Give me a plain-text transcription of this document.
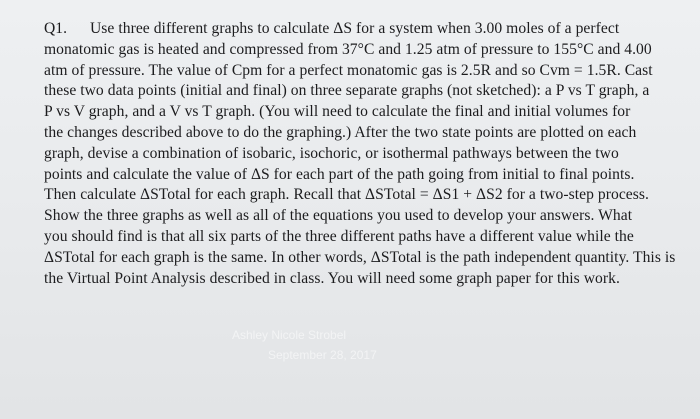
Q1. Use three different graphs to calculate ΔS for a system when 3.00 moles of a perfect
monatomic gas is heated and compressed from 37°C and 1.25 atm of pressure to 155°C and 4.00
atm of pressure. The value of Cpm for a perfect monatomic gas is 2.5R and so Cvm = 1.5R. Cast
these two data points (initial and final) on three separate graphs (not sketched): a P vs T graph, a
P vs V graph, and a V vs T graph. (You will need to calculate the final and initial volumes for
the changes described above to do the graphing.) After the two state points are plotted on each
graph, devise a combination of isobaric, isochoric, or isothermal pathways between the two
points and calculate the value of ΔS for each part of the path going from initial to final points.
Then calculate ΔSTotal for each graph. Recall that ΔSTotal = ΔS1 + ΔS2 for a two-step process.
Show the three graphs as well as all of the equations you used to develop your answers. What
you should find is that all six parts of the three different paths have a different value while the
ΔSTotal for each graph is the same. In other words, ΔSTotal is the path independent quantity. This is
the Virtual Point Analysis described in class. You will need some graph paper for this work.
Ashley Nicole Strobel
September 28, 2017
